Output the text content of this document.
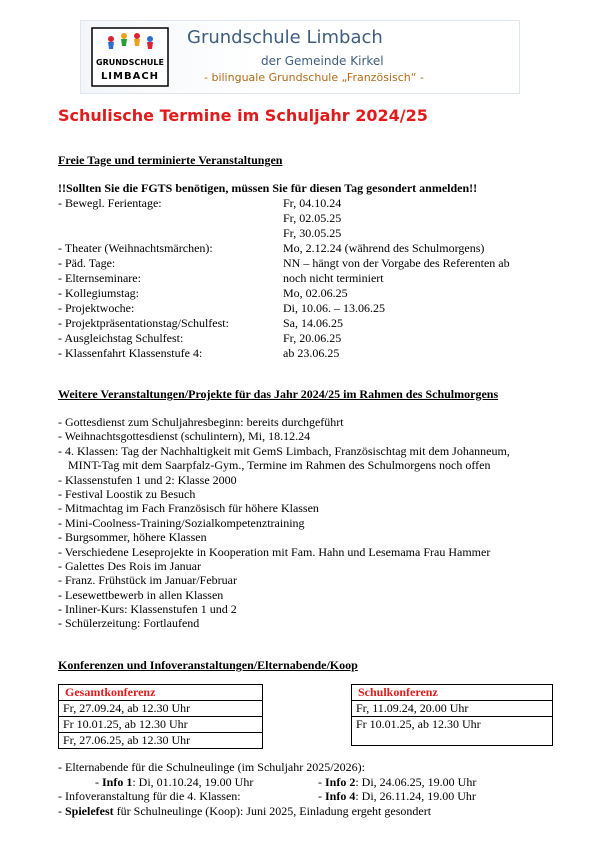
GRUNDSCHULE
LIMBACH
Grundschule Limbach
der Gemeinde Kirkel
- bilinguale Grundschule „Französisch“ -
Schulische Termine im Schuljahr 2024/25
Freie Tage und terminierte Veranstaltungen
!!Sollten Sie die FGTS benötigen, müssen Sie für diesen Tag gesondert anmelden!!
- Bewegl. Ferientage:	Fr, 04.10.24
Fr, 02.05.25
Fr, 30.05.25
- Theater (Weihnachtsmärchen):	Mo, 2.12.24 (während des Schulmorgens)
- Päd. Tage:	NN – hängt von der Vorgabe des Referenten ab
- Elternseminare:	noch nicht terminiert
- Kollegiumstag:	Mo, 02.06.25
- Projektwoche:	Di, 10.06. – 13.06.25
- Projektpräsentationstag/Schulfest:	Sa, 14.06.25
- Ausgleichstag Schulfest:	Fr, 20.06.25
- Klassenfahrt Klassenstufe 4:	ab 23.06.25
Weitere Veranstaltungen/Projekte für das Jahr 2024/25 im Rahmen des Schulmorgens
- Gottesdienst zum Schuljahresbeginn: bereits durchgeführt
- Weihnachtsgottesdienst (schulintern), Mi, 18.12.24
- 4. Klassen: Tag der Nachhaltigkeit mit GemS Limbach, Französischtag mit dem Johanneum,
MINT-Tag mit dem Saarpfalz-Gym., Termine im Rahmen des Schulmorgens noch offen
- Klassenstufen 1 und 2: Klasse 2000
- Festival Loostik zu Besuch
- Mitmachtag im Fach Französisch für höhere Klassen
- Mini-Coolness-Training/Sozialkompetenztraining
- Burgsommer, höhere Klassen
- Verschiedene Leseprojekte in Kooperation mit Fam. Hahn und Lesemama Frau Hammer
- Galettes Des Rois im Januar
- Franz. Frühstück im Januar/Februar
- Lesewettbewerb in allen Klassen
- Inliner-Kurs: Klassenstufen 1 und 2
- Schülerzeitung: Fortlaufend
Konferenzen und Infoveranstaltungen/Elternabende/Koop
Gesamtkonferenz
Fr, 27.09.24, ab 12.30 Uhr
Fr 10.01.25, ab 12.30 Uhr
Fr, 27.06.25, ab 12.30 Uhr
Schulkonferenz
Fr, 11.09.24, 20.00 Uhr
Fr 10.01.25, ab 12.30 Uhr
- Elternabende für die Schulneulinge (im Schuljahr 2025/2026):
- Info 1: Di, 01.10.24, 19.00 Uhr	- Info 2: Di, 24.06.25, 19.00 Uhr
- Infoveranstaltung für die 4. Klassen:	- Info 4: Di, 26.11.24, 19.00 Uhr
- Spielefest für Schulneulinge (Koop): Juni 2025, Einladung ergeht gesondert
